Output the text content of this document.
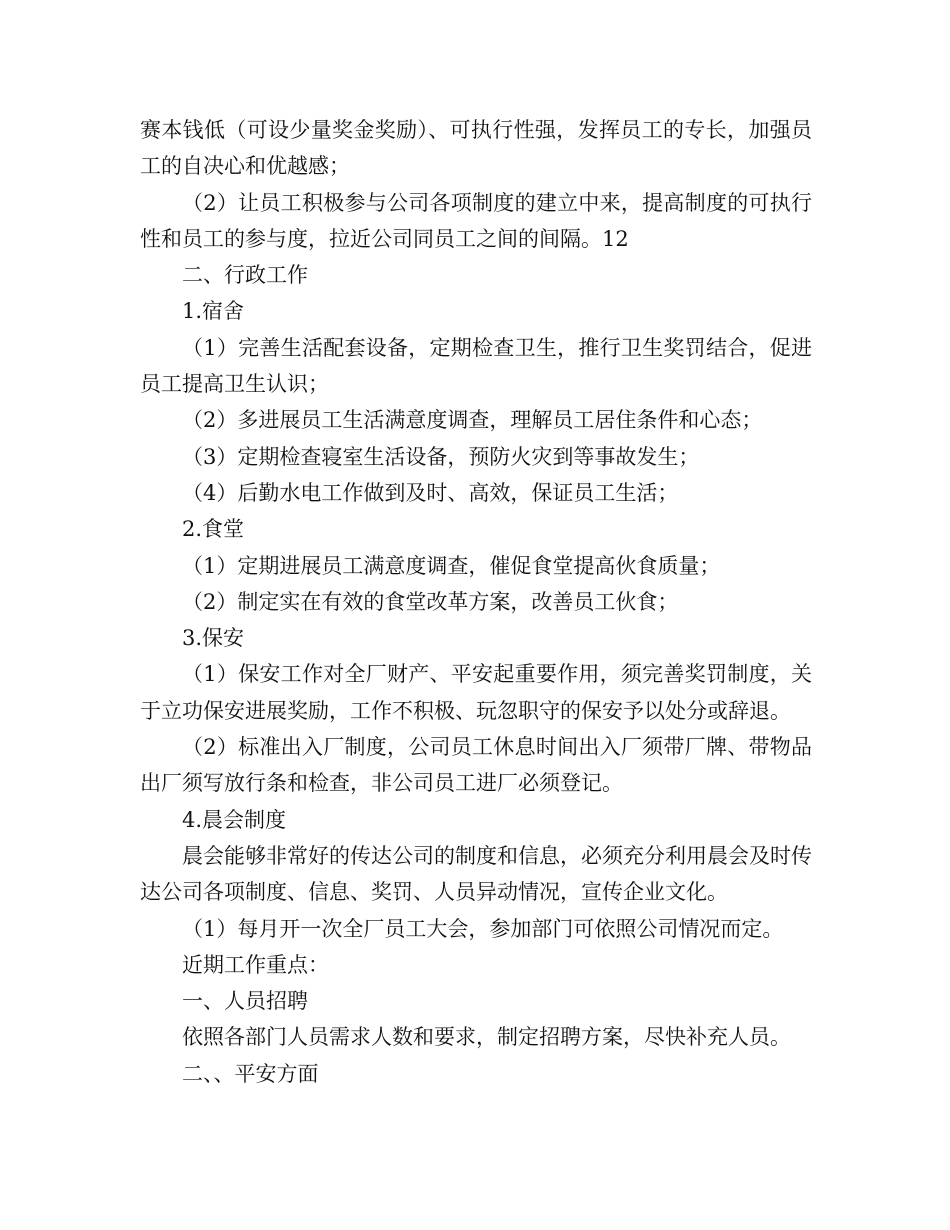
赛本钱低（可设少量奖金奖励）、可执行性强，发挥员工的专长，加强员工的自决心和优越感；

（2）让员工积极参与公司各项制度的建立中来，提高制度的可执行性和员工的参与度，拉近公司同员工之间的间隔。12

二、行政工作

1.宿舍

（1）完善生活配套设备，定期检查卫生，推行卫生奖罚结合，促进员工提高卫生认识；

（2）多进展员工生活满意度调查，理解员工居住条件和心态；

（3）定期检查寝室生活设备，预防火灾到等事故发生；

（4）后勤水电工作做到及时、高效，保证员工生活；

2.食堂

（1）定期进展员工满意度调查，催促食堂提高伙食质量；

（2）制定实在有效的食堂改革方案，改善员工伙食；

3.保安

（1）保安工作对全厂财产、平安起重要作用，须完善奖罚制度，关于立功保安进展奖励，工作不积极、玩忽职守的保安予以处分或辞退。

（2）标准出入厂制度，公司员工休息时间出入厂须带厂牌、带物品出厂须写放行条和检查，非公司员工进厂必须登记。

4.晨会制度

晨会能够非常好的传达公司的制度和信息，必须充分利用晨会及时传达公司各项制度、信息、奖罚、人员异动情况，宣传企业文化。

（1）每月开一次全厂员工大会，参加部门可依照公司情况而定。

近期工作重点：

一、人员招聘

依照各部门人员需求人数和要求，制定招聘方案，尽快补充人员。

二、、平安方面
